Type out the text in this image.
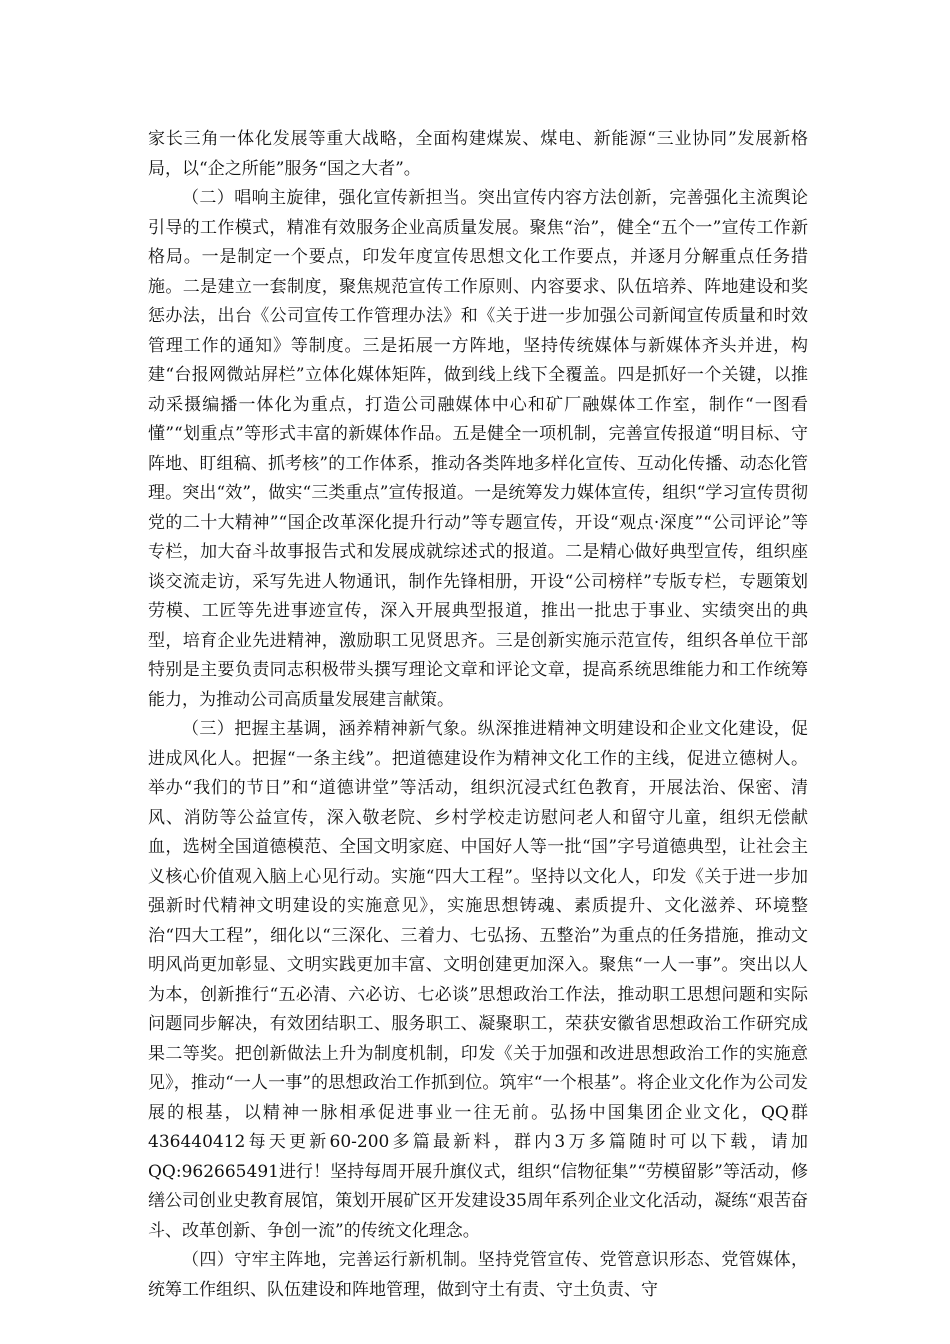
家长三角一体化发展等重大战略，全面构建煤炭、煤电、新能源“三业协同”发展新格局，以“企之所能”服务“国之大者”。

（二）唱响主旋律，强化宣传新担当。突出宣传内容方法创新，完善强化主流舆论引导的工作模式，精准有效服务企业高质量发展。聚焦“治”，健全“五个一”宣传工作新格局。一是制定一个要点，印发年度宣传思想文化工作要点，并逐月分解重点任务措施。二是建立一套制度，聚焦规范宣传工作原则、内容要求、队伍培养、阵地建设和奖惩办法，出台《公司宣传工作管理办法》和《关于进一步加强公司新闻宣传质量和时效管理工作的通知》等制度。三是拓展一方阵地，坚持传统媒体与新媒体齐头并进，构建“台报网微站屏栏”立体化媒体矩阵，做到线上线下全覆盖。四是抓好一个关键，以推动采摄编播一体化为重点，打造公司融媒体中心和矿厂融媒体工作室，制作“一图看懂”“划重点”等形式丰富的新媒体作品。五是健全一项机制，完善宣传报道“明目标、守阵地、盯组稿、抓考核”的工作体系，推动各类阵地多样化宣传、互动化传播、动态化管理。突出“效”，做实“三类重点”宣传报道。一是统筹发力媒体宣传，组织“学习宣传贯彻党的二十大精神”“国企改革深化提升行动”等专题宣传，开设“观点·深度”“公司评论”等专栏，加大奋斗故事报告式和发展成就综述式的报道。二是精心做好典型宣传，组织座谈交流走访，采写先进人物通讯，制作先锋相册，开设“公司榜样”专版专栏，专题策划劳模、工匠等先进事迹宣传，深入开展典型报道，推出一批忠于事业、实绩突出的典型，培育企业先进精神，激励职工见贤思齐。三是创新实施示范宣传，组织各单位干部特别是主要负责同志积极带头撰写理论文章和评论文章，提高系统思维能力和工作统筹能力，为推动公司高质量发展建言献策。

（三）把握主基调，涵养精神新气象。纵深推进精神文明建设和企业文化建设，促进成风化人。把握“一条主线”。把道德建设作为精神文化工作的主线，促进立德树人。举办“我们的节日”和“道德讲堂”等活动，组织沉浸式红色教育，开展法治、保密、清风、消防等公益宣传，深入敬老院、乡村学校走访慰问老人和留守儿童，组织无偿献血，选树全国道德模范、全国文明家庭、中国好人等一批“国”字号道德典型，让社会主义核心价值观入脑上心见行动。实施“四大工程”。坚持以文化人，印发《关于进一步加强新时代精神文明建设的实施意见》，实施思想铸魂、素质提升、文化滋养、环境整治“四大工程”，细化以“三深化、三着力、七弘扬、五整治”为重点的任务措施，推动文明风尚更加彰显、文明实践更加丰富、文明创建更加深入。聚焦“一人一事”。突出以人为本，创新推行“五必清、六必访、七必谈”思想政治工作法，推动职工思想问题和实际问题同步解决，有效团结职工、服务职工、凝聚职工，荣获安徽省思想政治工作研究成果二等奖。把创新做法上升为制度机制，印发《关于加强和改进思想政治工作的实施意见》，推动“一人一事”的思想政治工作抓到位。筑牢“一个根基”。将企业文化作为公司发展的根基，以精神一脉相承促进事业一往无前。弘扬中国集团企业文化，QQ群436440412每天更新60-200多篇最新料，群内3万多篇随时可以下载，请加QQ:962665491进行！坚持每周开展升旗仪式，组织“信物征集”“劳模留影”等活动，修缮公司创业史教育展馆，策划开展矿区开发建设35周年系列企业文化活动，凝练“艰苦奋斗、改革创新、争创一流”的传统文化理念。

（四）守牢主阵地，完善运行新机制。坚持党管宣传、党管意识形态、党管媒体，统筹工作组织、队伍建设和阵地管理，做到守土有责、守土负责、守
